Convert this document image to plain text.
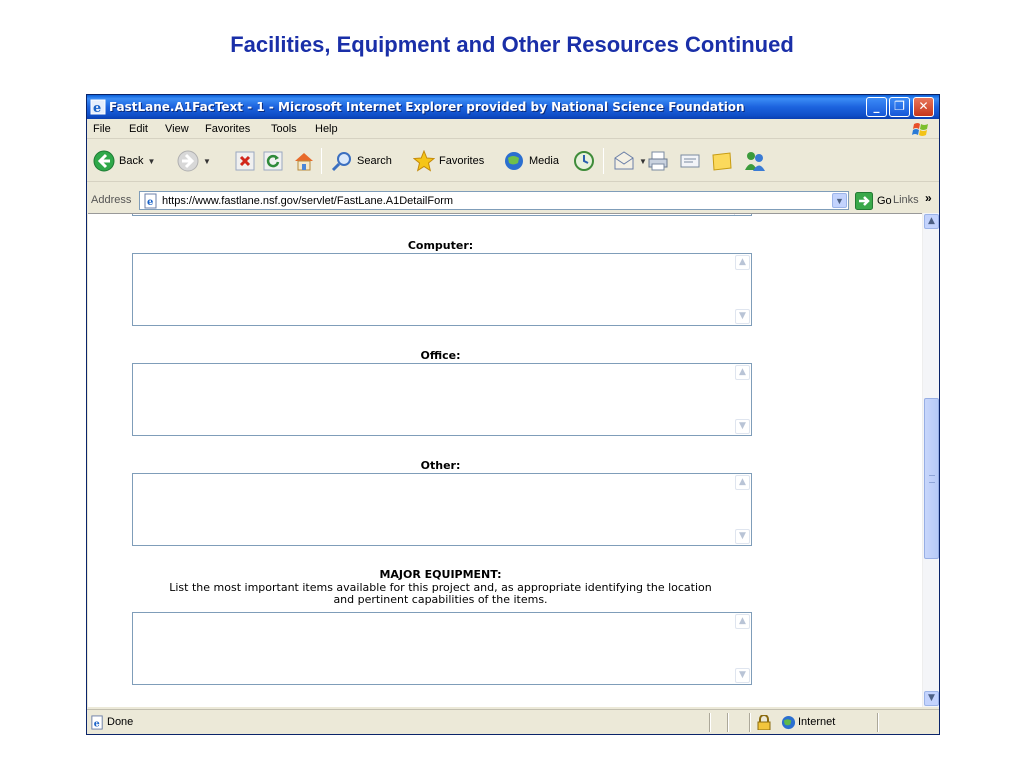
Facilities, Equipment and Other Resources Continued
e FastLane.A1FacText - 1 - Microsoft Internet Explorer provided by National Science Foundation	_	❐	✕
File Edit View Favorites Tools Help
Back ▼	▼	Search	Favorites	Media	▼
Address e https://www.fastlane.nsf.gov/servlet/FastLane.A1DetailForm	▼	Go Links »
Computer:
▲
▼
Office:
▲
▼
Other:
▲
▼
MAJOR EQUIPMENT:
List the most important items available for this project and, as appropriate identifying the location
and pertinent capabilities of the items.
▲
▼
▲
▼
e Done	Internet
